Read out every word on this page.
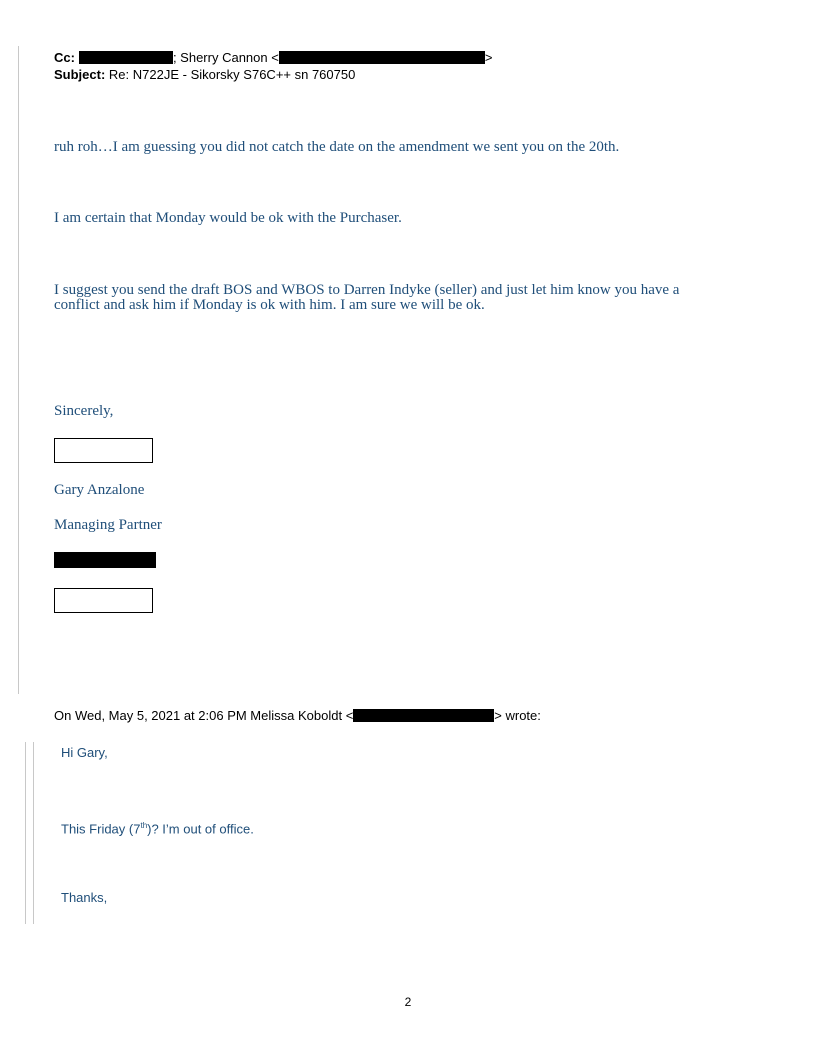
Cc:	; Sherry Cannon <	>
Subject: Re: N722JE - Sikorsky S76C++ sn 760750
ruh roh…I am guessing you did not catch the date on the amendment we sent you on the 20th.
I am certain that Monday would be ok with the Purchaser.
I suggest you send the draft BOS and WBOS to Darren Indyke (seller) and just let him know you have a
conflict and ask him if Monday is ok with him. I am sure we will be ok.
Sincerely,
Gary Anzalone
Managing Partner
On Wed, May 5, 2021 at 2:06 PM Melissa Koboldt <	> wrote:
Hi Gary,
This Friday (7th)? I’m out of office.
Thanks,
2
